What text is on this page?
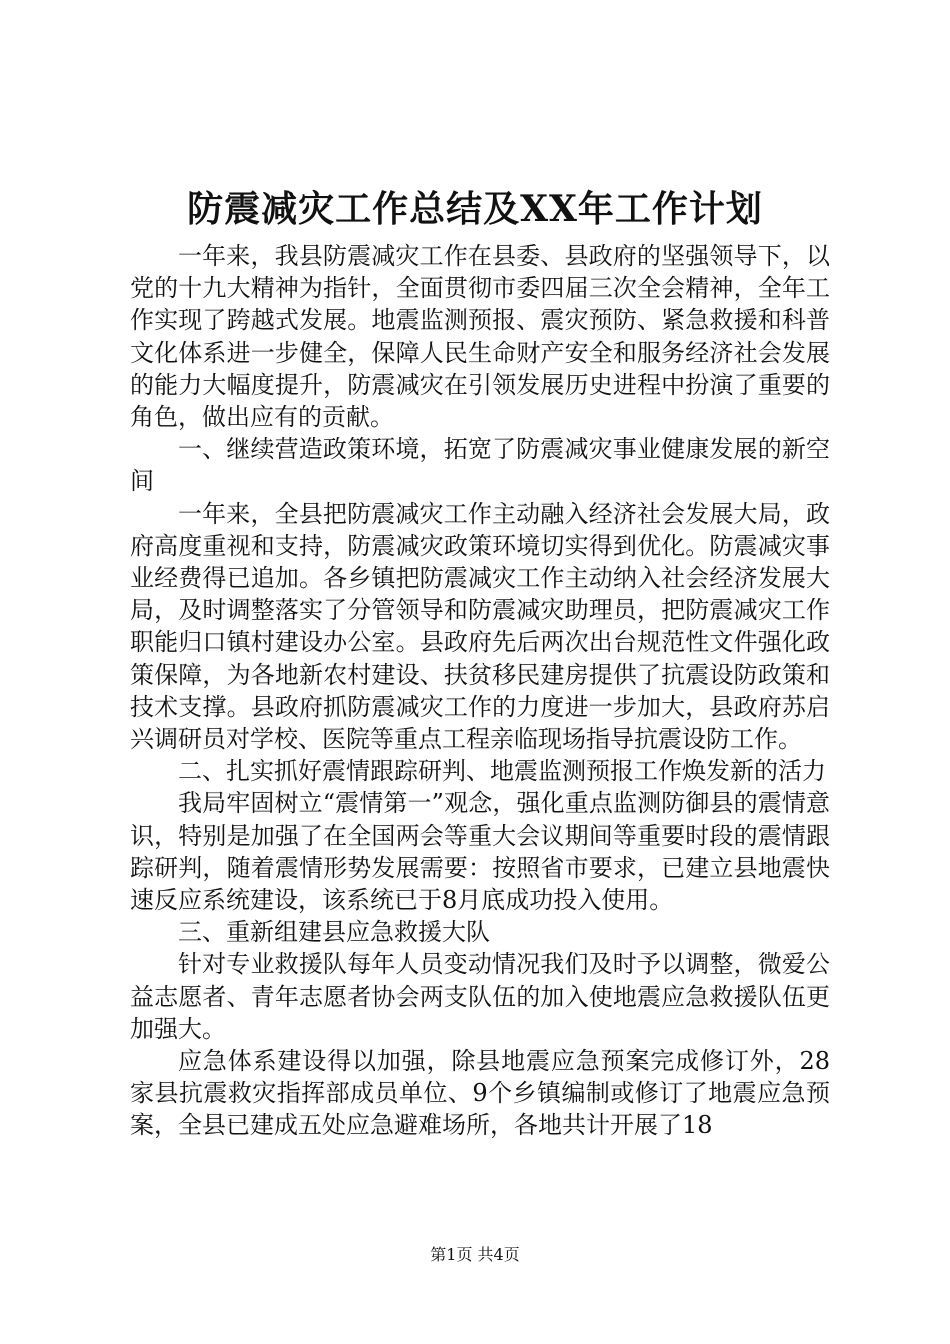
防震减灾工作总结及XX年工作计划

一年来，我县防震减灾工作在县委、县政府的坚强领导下，以党的十九大精神为指针，全面贯彻市委四届三次全会精神，全年工作实现了跨越式发展。地震监测预报、震灾预防、紧急救援和科普文化体系进一步健全，保障人民生命财产安全和服务经济社会发展的能力大幅度提升，防震减灾在引领发展历史进程中扮演了重要的角色，做出应有的贡献。

一、继续营造政策环境，拓宽了防震减灾事业健康发展的新空间

一年来，全县把防震减灾工作主动融入经济社会发展大局，政府高度重视和支持，防震减灾政策环境切实得到优化。防震减灾事业经费得已追加。各乡镇把防震减灾工作主动纳入社会经济发展大局，及时调整落实了分管领导和防震减灾助理员，把防震减灾工作职能归口镇村建设办公室。县政府先后两次出台规范性文件强化政策保障，为各地新农村建设、扶贫移民建房提供了抗震设防政策和技术支撑。县政府抓防震减灾工作的力度进一步加大，县政府苏启兴调研员对学校、医院等重点工程亲临现场指导抗震设防工作。

二、扎实抓好震情跟踪研判、地震监测预报工作焕发新的活力

我局牢固树立“震情第一”观念，强化重点监测防御县的震情意识，特别是加强了在全国两会等重大会议期间等重要时段的震情跟踪研判，随着震情形势发展需要：按照省市要求，已建立县地震快速反应系统建设，该系统已于8月底成功投入使用。

三、重新组建县应急救援大队

针对专业救援队每年人员变动情况我们及时予以调整，微爱公益志愿者、青年志愿者协会两支队伍的加入使地震应急救援队伍更加强大。

应急体系建设得以加强，除县地震应急预案完成修订外，28家县抗震救灾指挥部成员单位、9个乡镇编制或修订了地震应急预案，全县已建成五处应急避难场所，各地共计开展了18

第1页 共4页
